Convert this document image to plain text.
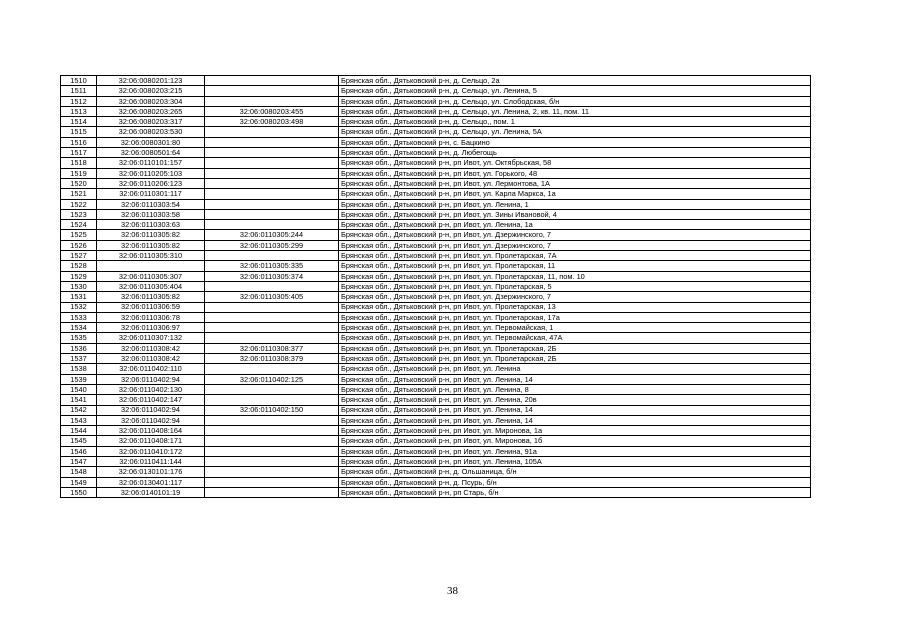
1510	32:06:0080201:123		Брянская обл., Дятьковский р-н, д. Сельцо, 2а
1511	32:06:0080203:215		Брянская обл., Дятьковский р-н, д. Сельцо, ул. Ленина, 5
1512	32:06:0080203:304		Брянская обл., Дятьковский р-н, д. Сельцо, ул. Слободская, б/н
1513	32:06:0080203:265	32:06:0080203:455	Брянская обл., Дятьковский р-н, д. Сельцо, ул. Ленина, 2, кв. 11, пом. 11
1514	32:06:0080203:317	32:06:0080203:498	Брянская обл., Дятьковский р-н, д. Сельцо,, пом. 1
1515	32:06:0080203:530		Брянская обл., Дятьковский р-н, д. Сельцо, ул. Ленина, 5А
1516	32:06:0080301:80		Брянская обл., Дятьковский р-н, с. Бацкино
1517	32:06:0080501:64		Брянская обл., Дятьковский р-н, д. Любегощь
1518	32:06:0110101:157		Брянская обл., Дятьковский р-н, рп Ивот, ул. Октябрьская, 58
1519	32:06:0110205:103		Брянская обл., Дятьковский р-н, рп Ивот, ул. Горького, 48
1520	32:06:0110206:123		Брянская обл., Дятьковский р-н, рп Ивот, ул. Лермонтова, 1А
1521	32:06:0110301:117		Брянская обл., Дятьковский р-н, рп Ивот, ул. Карла Маркса, 1а
1522	32:06:0110303:54		Брянская обл., Дятьковский р-н, рп Ивот, ул. Ленина, 1
1523	32:06:0110303:58		Брянская обл., Дятьковский р-н, рп Ивот, ул. Зины Ивановой, 4
1524	32:06:0110303:63		Брянская обл., Дятьковский р-н, рп Ивот, ул. Ленина, 1а
1525	32:06:0110305:82	32:06:0110305:244	Брянская обл., Дятьковский р-н, рп Ивот, ул. Дзержинского, 7
1526	32:06:0110305:82	32:06:0110305:299	Брянская обл., Дятьковский р-н, рп Ивот, ул. Дзержинского, 7
1527	32:06:0110305:310		Брянская обл., Дятьковский р-н, рп Ивот, ул. Пролетарская, 7А
1528		32:06:0110305:335	Брянская обл., Дятьковский р-н, рп Ивот, ул. Пролетарская, 11
1529	32:06:0110305:307	32:06:0110305:374	Брянская обл., Дятьковский р-н, рп Ивот, ул. Пролетарская, 11, пом. 10
1530	32:06:0110305:404		Брянская обл., Дятьковский р-н, рп Ивот, ул. Пролетарская, 5
1531	32:06:0110305:82	32:06:0110305:405	Брянская обл., Дятьковский р-н, рп Ивот, ул. Дзержинского, 7
1532	32:06:0110306:59		Брянская обл., Дятьковский р-н, рп Ивот, ул. Пролетарская, 13
1533	32:06:0110306:78		Брянская обл., Дятьковский р-н, рп Ивот, ул. Пролетарская, 17а
1534	32:06:0110306:97		Брянская обл., Дятьковский р-н, рп Ивот, ул. Первомайская, 1
1535	32:06:0110307:132		Брянская обл., Дятьковский р-н, рп Ивот, ул. Первомайская, 47А
1536	32:06:0110308:42	32:06:0110308:377	Брянская обл., Дятьковский р-н, рп Ивот, ул. Пролетарская, 2Б
1537	32:06:0110308:42	32:06:0110308:379	Брянская обл., Дятьковский р-н, рп Ивот, ул. Пролетарская, 2Б
1538	32:06:0110402:110		Брянская обл., Дятьковский р-н, рп Ивот, ул. Ленина
1539	32:06:0110402:94	32:06:0110402:125	Брянская обл., Дятьковский р-н, рп Ивот, ул. Ленина, 14
1540	32:06:0110402:130		Брянская обл., Дятьковский р-н, рп Ивот, ул. Ленина, 8
1541	32:06:0110402:147		Брянская обл., Дятьковский р-н, рп Ивот, ул. Ленина, 20в
1542	32:06:0110402:94	32:06:0110402:150	Брянская обл., Дятьковский р-н, рп Ивот, ул. Ленина, 14
1543	32:06:0110402:94		Брянская обл., Дятьковский р-н, рп Ивот, ул. Ленина, 14
1544	32:06:0110408:164		Брянская обл., Дятьковский р-н, рп Ивот, ул. Миронова, 1а
1545	32:06:0110408:171		Брянская обл., Дятьковский р-н, рп Ивот, ул. Миронова, 1б
1546	32:06:0110410:172		Брянская обл., Дятьковский р-н, рп Ивот, ул. Ленина, 91а
1547	32:06:0110411:144		Брянская обл., Дятьковский р-н, рп Ивот, ул. Ленина, 105А
1548	32:06:0130101:176		Брянская обл., Дятьковский р-н, д. Ольшаница, б/н
1549	32:06:0130401:117		Брянская обл., Дятьковский р-н, д. Псурь, б/н
1550	32:06:0140101:19		Брянская обл., Дятьковский р-н, рп Старь, б/н
38
